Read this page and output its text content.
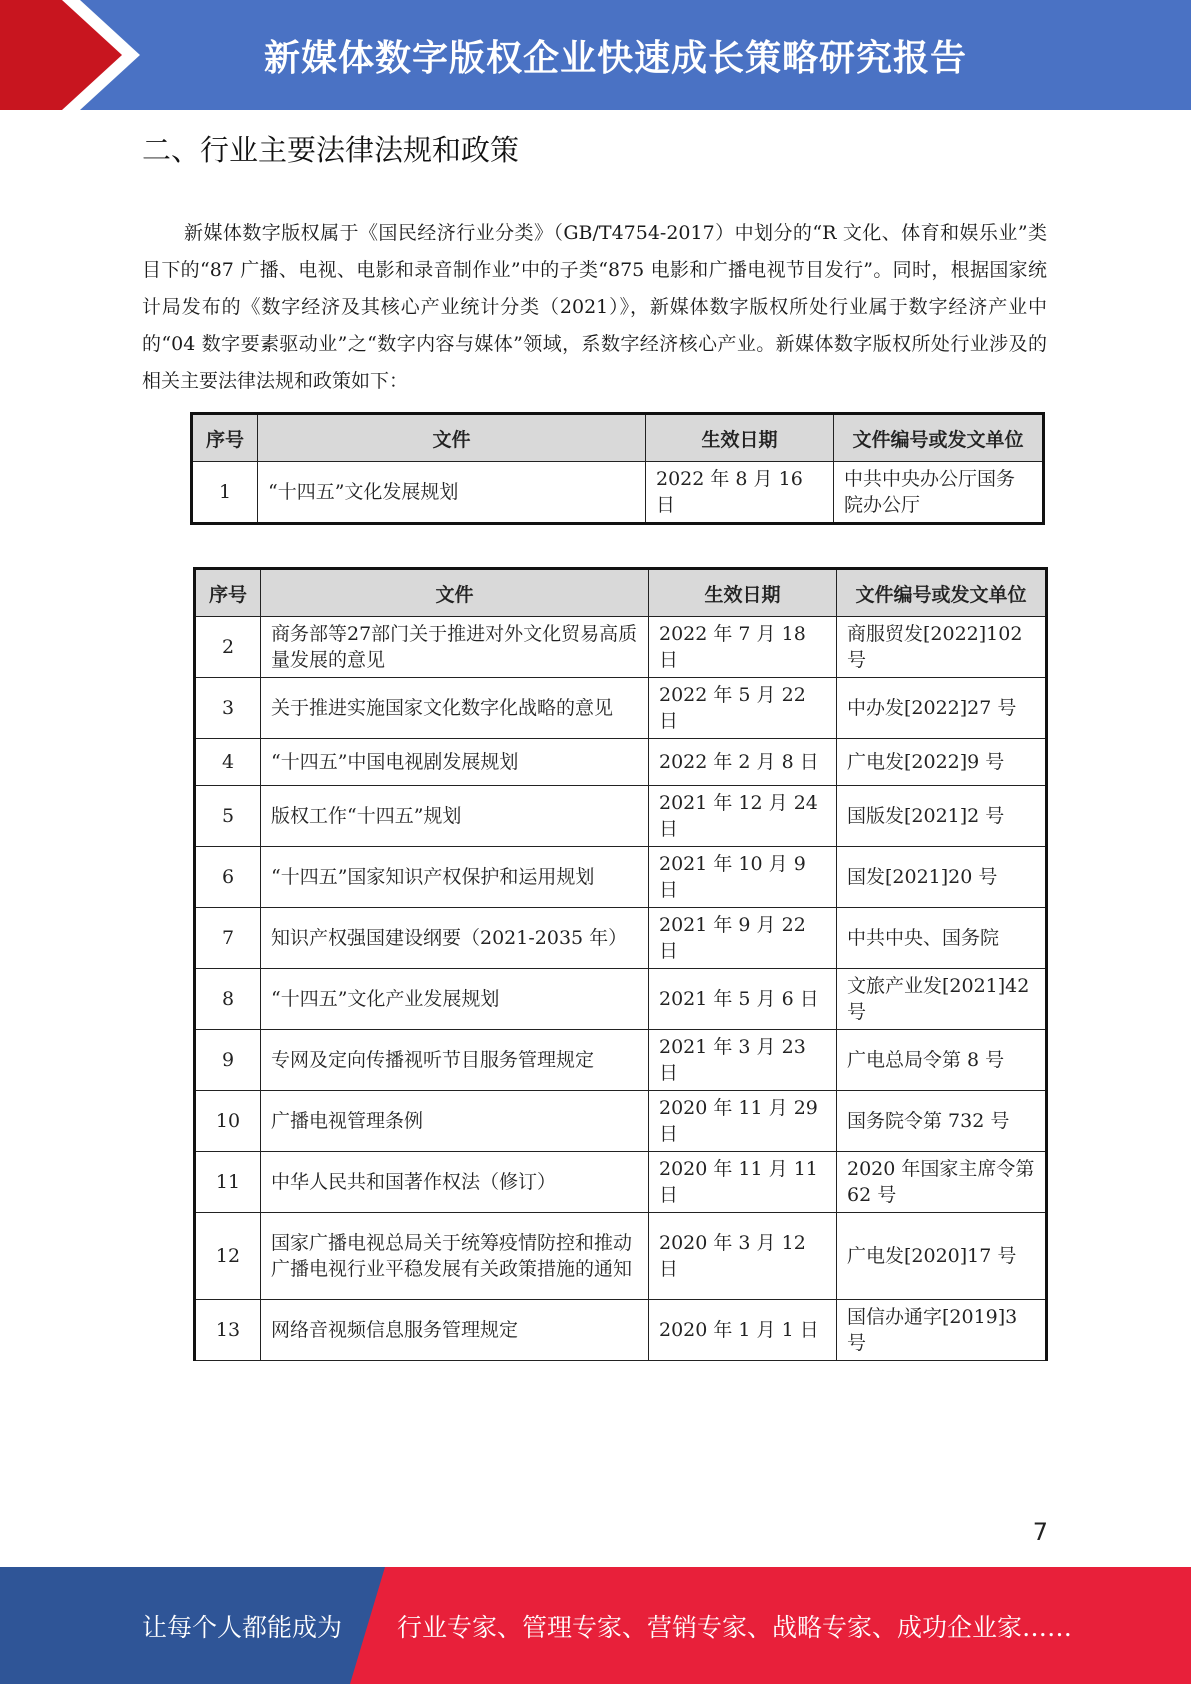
新媒体数字版权企业快速成长策略研究报告
二、行业主要法律法规和政策

新媒体数字版权属于《国民经济行业分类》（GB/T4754-2017）中划分的“R 文化、体育和娱乐业”类目下的“87 广播、电视、电影和录音制作业”中的子类“875 电影和广播电视节目发行”。同时，根据国家统计局发布的《数字经济及其核心产业统计分类（2021）》，新媒体数字版权所处行业属于数字经济产业中的“04 数字要素驱动业”之“数字内容与媒体”领域，系数字经济核心产业。新媒体数字版权所处行业涉及的相关主要法律法规和政策如下：

序号	文件	生效日期	文件编号或发文单位
1	“十四五”文化发展规划	2022 年 8 月 16 日	中共中央办公厅国务院办公厅
序号	文件	生效日期	文件编号或发文单位
2	商务部等27部门关于推进对外文化贸易高质量发展的意见	2022 年 7 月 18 日	商服贸发[2022]102 号
3	关于推进实施国家文化数字化战略的意见	2022 年 5 月 22 日	中办发[2022]27 号
4	“十四五”中国电视剧发展规划	2022 年 2 月 8 日	广电发[2022]9 号
5	版权工作“十四五”规划	2021 年 12 月 24 日	国版发[2021]2 号
6	“十四五”国家知识产权保护和运用规划	2021 年 10 月 9 日	国发[2021]20 号
7	知识产权强国建设纲要（2021-2035 年）	2021 年 9 月 22 日	中共中央、国务院
8	“十四五”文化产业发展规划	2021 年 5 月 6 日	文旅产业发[2021]42 号
9	专网及定向传播视听节目服务管理规定	2021 年 3 月 23 日	广电总局令第 8 号
10	广播电视管理条例	2020 年 11 月 29 日	国务院令第 732 号
11	中华人民共和国著作权法（修订）	2020 年 11 月 11 日	2020 年国家主席令第 62 号
12	国家广播电视总局关于统筹疫情防控和推动广播电视行业平稳发展有关政策措施的通知	2020 年 3 月 12 日	广电发[2020]17 号
13	网络音视频信息服务管理规定	2020 年 1 月 1 日	国信办通字[2019]3 号
7
让每个人都能成为 行业专家、管理专家、营销专家、战略专家、成功企业家……
